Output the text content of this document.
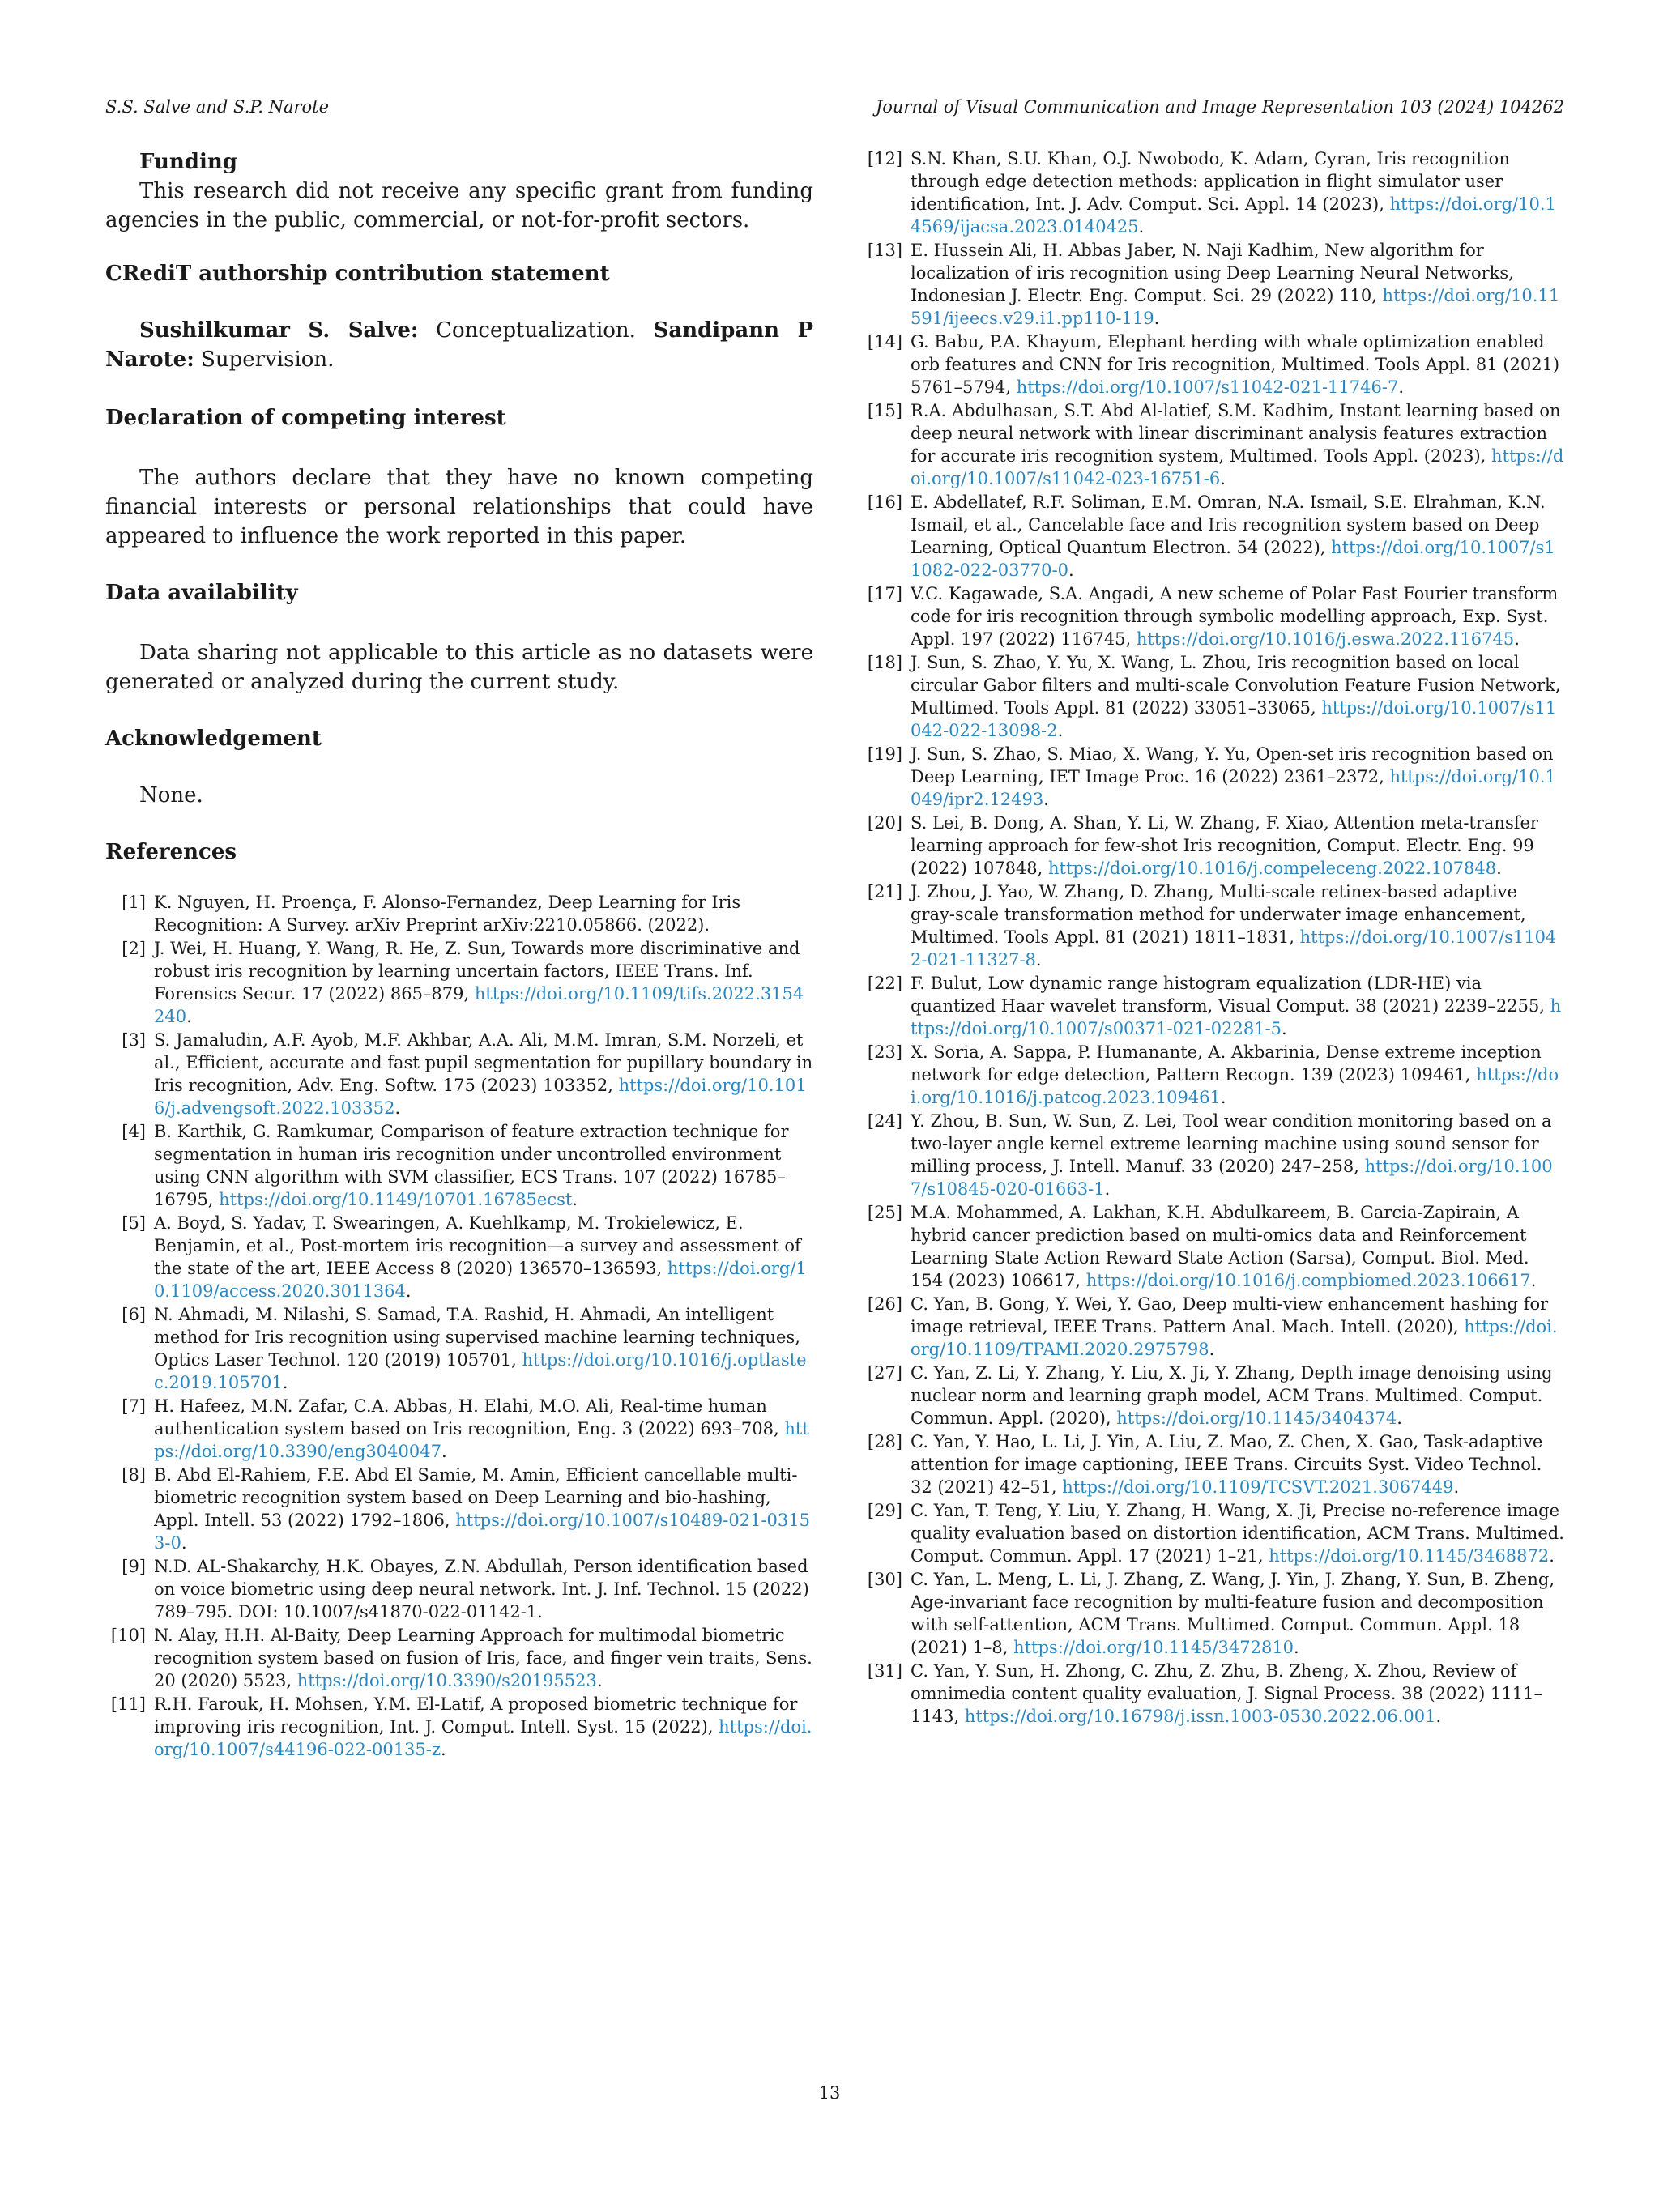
S.S. Salve and S.P. Narote	Journal of Visual Communication and Image Representation 103 (2024) 104262
Funding

This research did not receive any specific grant from funding agencies in the public, commercial, or not-for-profit sectors.

CRediT authorship contribution statement

Sushilkumar S. Salve: Conceptualization. Sandipann P Narote: Supervision.

Declaration of competing interest

The authors declare that they have no known competing financial interests or personal relationships that could have appeared to influence the work reported in this paper.

Data availability

Data sharing not applicable to this article as no datasets were generated or analyzed during the current study.

Acknowledgement

None.

References
[1] K. Nguyen, H. Proença, F. Alonso-Fernandez, Deep Learning for Iris Recognition: A Survey. arXiv Preprint arXiv:2210.05866. (2022).
[2] J. Wei, H. Huang, Y. Wang, R. He, Z. Sun, Towards more discriminative and robust iris recognition by learning uncertain factors, IEEE Trans. Inf. Forensics Secur. 17 (2022) 865–879, https://doi.org/10.1109/tifs.2022.3154240.
[3] S. Jamaludin, A.F. Ayob, M.F. Akhbar, A.A. Ali, M.M. Imran, S.M. Norzeli, et al., Efficient, accurate and fast pupil segmentation for pupillary boundary in Iris recognition, Adv. Eng. Softw. 175 (2023) 103352, https://doi.org/10.1016/j.advengsoft.2022.103352.
[4] B. Karthik, G. Ramkumar, Comparison of feature extraction technique for segmentation in human iris recognition under uncontrolled environment using CNN algorithm with SVM classifier, ECS Trans. 107 (2022) 16785–16795, https://doi.org/10.1149/10701.16785ecst.
[5] A. Boyd, S. Yadav, T. Swearingen, A. Kuehlkamp, M. Trokielewicz, E. Benjamin, et al., Post-mortem iris recognition—a survey and assessment of the state of the art, IEEE Access 8 (2020) 136570–136593, https://doi.org/10.1109/access.2020.3011364.
[6] N. Ahmadi, M. Nilashi, S. Samad, T.A. Rashid, H. Ahmadi, An intelligent method for Iris recognition using supervised machine learning techniques, Optics Laser Technol. 120 (2019) 105701, https://doi.org/10.1016/j.optlastec.2019.105701.
[7] H. Hafeez, M.N. Zafar, C.A. Abbas, H. Elahi, M.O. Ali, Real-time human authentication system based on Iris recognition, Eng. 3 (2022) 693–708, https://doi.org/10.3390/eng3040047.
[8] B. Abd El-Rahiem, F.E. Abd El Samie, M. Amin, Efficient cancellable multi-biometric recognition system based on Deep Learning and bio-hashing, Appl. Intell. 53 (2022) 1792–1806, https://doi.org/10.1007/s10489-021-03153-0.
[9] N.D. AL-Shakarchy, H.K. Obayes, Z.N. Abdullah, Person identification based on voice biometric using deep neural network. Int. J. Inf. Technol. 15 (2022) 789–795. DOI: 10.1007/s41870-022-01142-1.
[10] N. Alay, H.H. Al-Baity, Deep Learning Approach for multimodal biometric recognition system based on fusion of Iris, face, and finger vein traits, Sens. 20 (2020) 5523, https://doi.org/10.3390/s20195523.
[11] R.H. Farouk, H. Mohsen, Y.M. El-Latif, A proposed biometric technique for improving iris recognition, Int. J. Comput. Intell. Syst. 15 (2022), https://doi.org/10.1007/s44196-022-00135-z.
[12] S.N. Khan, S.U. Khan, O.J. Nwobodo, K. Adam, Cyran, Iris recognition through edge detection methods: application in flight simulator user identification, Int. J. Adv. Comput. Sci. Appl. 14 (2023), https://doi.org/10.14569/ijacsa.2023.0140425.
[13] E. Hussein Ali, H. Abbas Jaber, N. Naji Kadhim, New algorithm for localization of iris recognition using Deep Learning Neural Networks, Indonesian J. Electr. Eng. Comput. Sci. 29 (2022) 110, https://doi.org/10.11591/ijeecs.v29.i1.pp110-119.
[14] G. Babu, P.A. Khayum, Elephant herding with whale optimization enabled orb features and CNN for Iris recognition, Multimed. Tools Appl. 81 (2021) 5761–5794, https://doi.org/10.1007/s11042-021-11746-7.
[15] R.A. Abdulhasan, S.T. Abd Al-latief, S.M. Kadhim, Instant learning based on deep neural network with linear discriminant analysis features extraction for accurate iris recognition system, Multimed. Tools Appl. (2023), https://doi.org/10.1007/s11042-023-16751-6.
[16] E. Abdellatef, R.F. Soliman, E.M. Omran, N.A. Ismail, S.E. Elrahman, K.N. Ismail, et al., Cancelable face and Iris recognition system based on Deep Learning, Optical Quantum Electron. 54 (2022), https://doi.org/10.1007/s11082-022-03770-0.
[17] V.C. Kagawade, S.A. Angadi, A new scheme of Polar Fast Fourier transform code for iris recognition through symbolic modelling approach, Exp. Syst. Appl. 197 (2022) 116745, https://doi.org/10.1016/j.eswa.2022.116745.
[18] J. Sun, S. Zhao, Y. Yu, X. Wang, L. Zhou, Iris recognition based on local circular Gabor filters and multi-scale Convolution Feature Fusion Network, Multimed. Tools Appl. 81 (2022) 33051–33065, https://doi.org/10.1007/s11042-022-13098-2.
[19] J. Sun, S. Zhao, S. Miao, X. Wang, Y. Yu, Open-set iris recognition based on Deep Learning, IET Image Proc. 16 (2022) 2361–2372, https://doi.org/10.1049/ipr2.12493.
[20] S. Lei, B. Dong, A. Shan, Y. Li, W. Zhang, F. Xiao, Attention meta-transfer learning approach for few-shot Iris recognition, Comput. Electr. Eng. 99 (2022) 107848, https://doi.org/10.1016/j.compeleceng.2022.107848.
[21] J. Zhou, J. Yao, W. Zhang, D. Zhang, Multi-scale retinex-based adaptive gray-scale transformation method for underwater image enhancement, Multimed. Tools Appl. 81 (2021) 1811–1831, https://doi.org/10.1007/s11042-021-11327-8.
[22] F. Bulut, Low dynamic range histogram equalization (LDR-HE) via quantized Haar wavelet transform, Visual Comput. 38 (2021) 2239–2255, https://doi.org/10.1007/s00371-021-02281-5.
[23] X. Soria, A. Sappa, P. Humanante, A. Akbarinia, Dense extreme inception network for edge detection, Pattern Recogn. 139 (2023) 109461, https://doi.org/10.1016/j.patcog.2023.109461.
[24] Y. Zhou, B. Sun, W. Sun, Z. Lei, Tool wear condition monitoring based on a two-layer angle kernel extreme learning machine using sound sensor for milling process, J. Intell. Manuf. 33 (2020) 247–258, https://doi.org/10.1007/s10845-020-01663-1.
[25] M.A. Mohammed, A. Lakhan, K.H. Abdulkareem, B. Garcia-Zapirain, A hybrid cancer prediction based on multi-omics data and Reinforcement Learning State Action Reward State Action (Sarsa), Comput. Biol. Med. 154 (2023) 106617, https://doi.org/10.1016/j.compbiomed.2023.106617.
[26] C. Yan, B. Gong, Y. Wei, Y. Gao, Deep multi-view enhancement hashing for image retrieval, IEEE Trans. Pattern Anal. Mach. Intell. (2020), https://doi.org/10.1109/TPAMI.2020.2975798.
[27] C. Yan, Z. Li, Y. Zhang, Y. Liu, X. Ji, Y. Zhang, Depth image denoising using nuclear norm and learning graph model, ACM Trans. Multimed. Comput. Commun. Appl. (2020), https://doi.org/10.1145/3404374.
[28] C. Yan, Y. Hao, L. Li, J. Yin, A. Liu, Z. Mao, Z. Chen, X. Gao, Task-adaptive attention for image captioning, IEEE Trans. Circuits Syst. Video Technol. 32 (2021) 42–51, https://doi.org/10.1109/TCSVT.2021.3067449.
[29] C. Yan, T. Teng, Y. Liu, Y. Zhang, H. Wang, X. Ji, Precise no-reference image quality evaluation based on distortion identification, ACM Trans. Multimed. Comput. Commun. Appl. 17 (2021) 1–21, https://doi.org/10.1145/3468872.
[30] C. Yan, L. Meng, L. Li, J. Zhang, Z. Wang, J. Yin, J. Zhang, Y. Sun, B. Zheng, Age-invariant face recognition by multi-feature fusion and decomposition with self-attention, ACM Trans. Multimed. Comput. Commun. Appl. 18 (2021) 1–8, https://doi.org/10.1145/3472810.
[31] C. Yan, Y. Sun, H. Zhong, C. Zhu, Z. Zhu, B. Zheng, X. Zhou, Review of omnimedia content quality evaluation, J. Signal Process. 38 (2022) 1111–1143, https://doi.org/10.16798/j.issn.1003-0530.2022.06.001.
13
